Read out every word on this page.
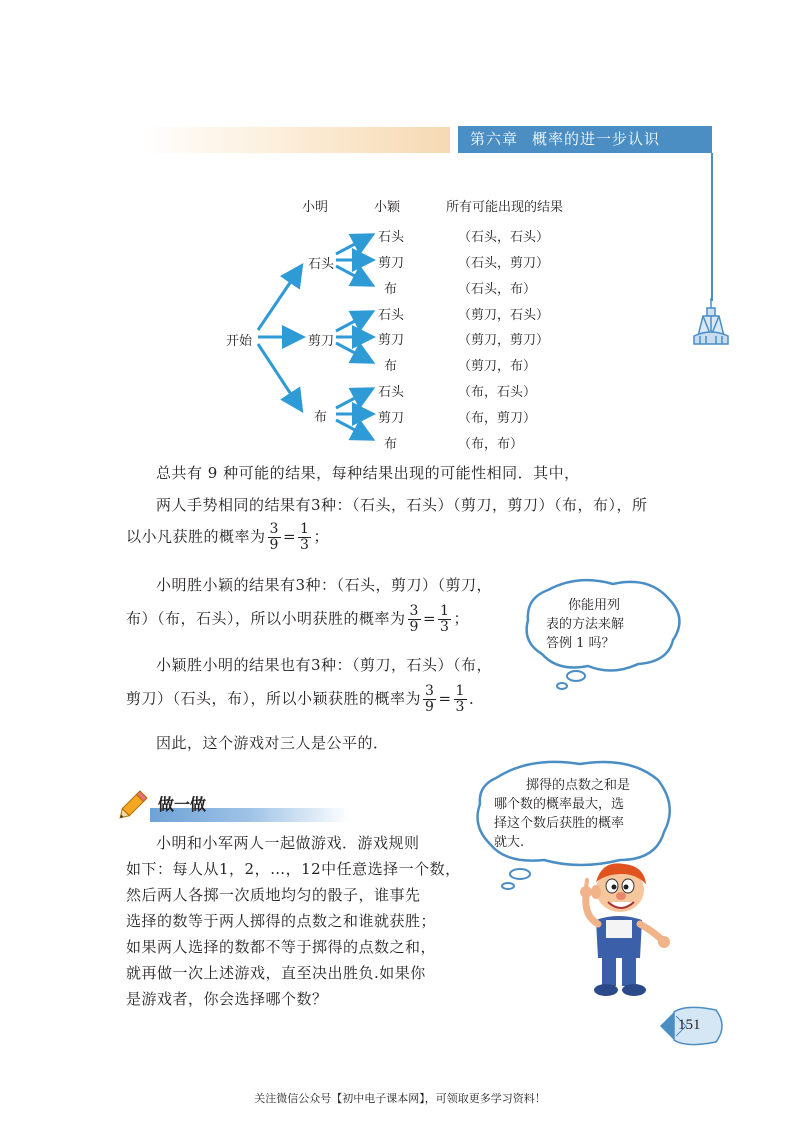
第六章 概率的进一步认识
小明	小颖	所有可能出现的结果
开始
石头
剪刀
布
石头
剪刀
布
石头
剪刀
布
石头
剪刀
布
（石头，石头）
（石头，剪刀）
（石头，布）
（剪刀，石头）
（剪刀，剪刀）
（剪刀，布）
（布，石头）
（布，剪刀）
（布，布）
总共有 9 种可能的结果，每种结果出现的可能性相同．其中，
两人手势相同的结果有3种：（石头，石头）（剪刀，剪刀）（布，布），所
以小凡获胜的概率为 $\frac{3}{9} = \frac{1}{3}$ ；
小明胜小颖的结果有3种：（石头，剪刀）（剪刀，
布）（布，石头），所以小明获胜的概率为 $\frac{3}{9} = \frac{1}{3}$ ；
小颖胜小明的结果也有3种：（剪刀，石头）（布，
剪刀）（石头，布），所以小颖获胜的概率为 $\frac{3}{9} = \frac{1}{3}$ ．
因此，这个游戏对三人是公平的．
你能用列
表的方法来解
答例 1 吗？
掷得的点数之和是
哪个数的概率最大，选
择这个数后获胜的概率
就大.
做一做
小明和小军两人一起做游戏．游戏规则
如下：每人从1，2，…，12中任意选择一个数，
然后两人各掷一次质地均匀的骰子，谁事先
选择的数等于两人掷得的点数之和谁就获胜；
如果两人选择的数都不等于掷得的点数之和，
就再做一次上述游戏，直至决出胜负.如果你
是游戏者，你会选择哪个数？
151
关注微信公众号【初中电子课本网】，可领取更多学习资料！
